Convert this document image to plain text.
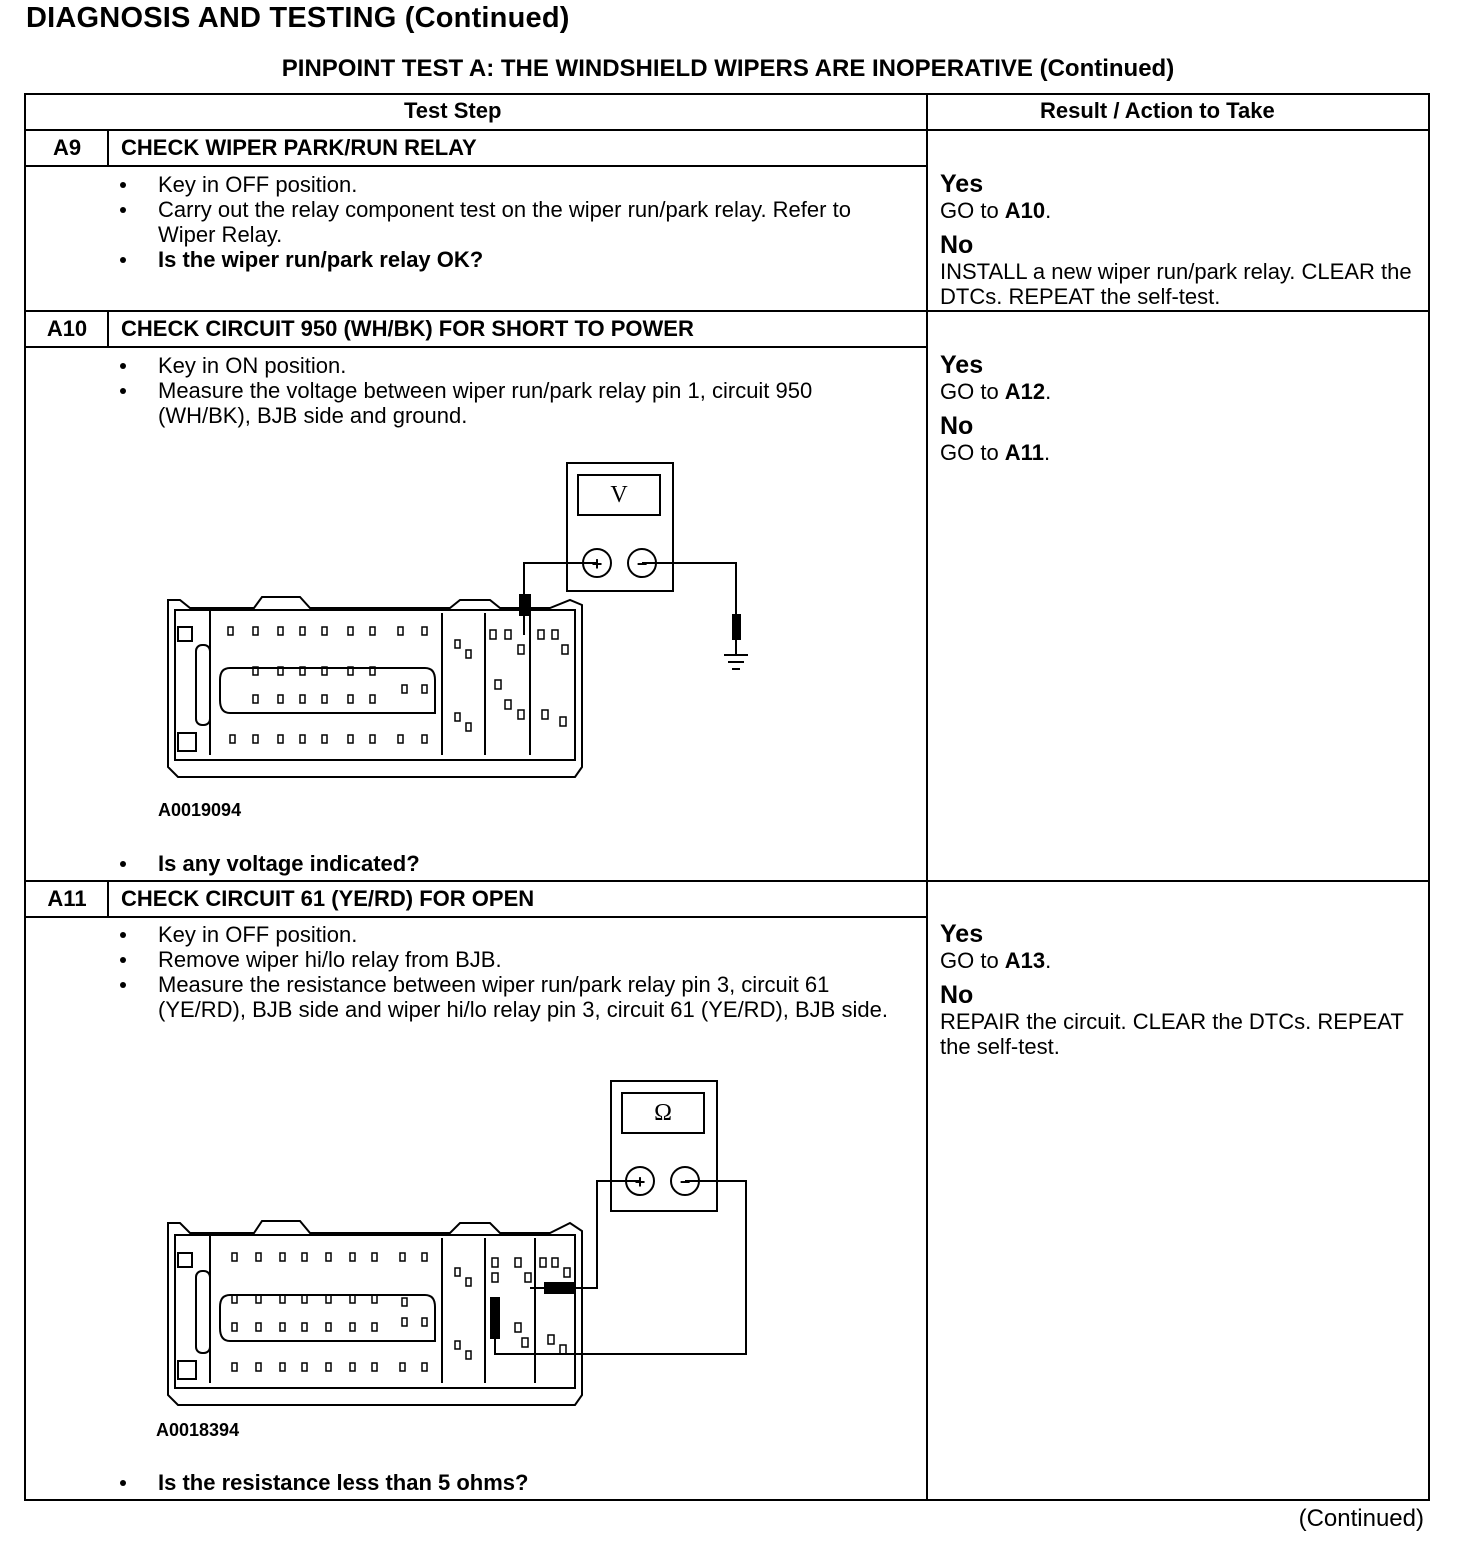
DIAGNOSIS AND TESTING (Continued)
PINPOINT TEST A: THE WINDSHIELD WIPERS ARE INOPERATIVE (Continued)
Test Step	Result / Action to Take
A9	CHECK WIPER PARK/RUN RELAY
Key in OFF position.
Carry out the relay component test on the wiper run/park relay. Refer to Wiper Relay.
Is the wiper run/park relay OK?
Yes
GO to A10.
No
INSTALL a new wiper run/park relay. CLEAR the DTCs. REPEAT the self-test.
A10	CHECK CIRCUIT 950 (WH/BK) FOR SHORT TO POWER
Key in ON position.
Measure the voltage between wiper run/park relay pin 1, circuit 950 (WH/BK), BJB side and ground.
V
+ −
A0019094
Is any voltage indicated?
Yes
GO to A12.
No
GO to A11.
A11	CHECK CIRCUIT 61 (YE/RD) FOR OPEN
Key in OFF position.
Remove wiper hi/lo relay from BJB.
Measure the resistance between wiper run/park relay pin 3, circuit 61 (YE/RD), BJB side and wiper hi/lo relay pin 3, circuit 61 (YE/RD), BJB side.
Ω
+ −
A0018394
Is the resistance less than 5 ohms?
Yes
GO to A13.
No
REPAIR the circuit. CLEAR the DTCs. REPEAT the self-test.
(Continued)
